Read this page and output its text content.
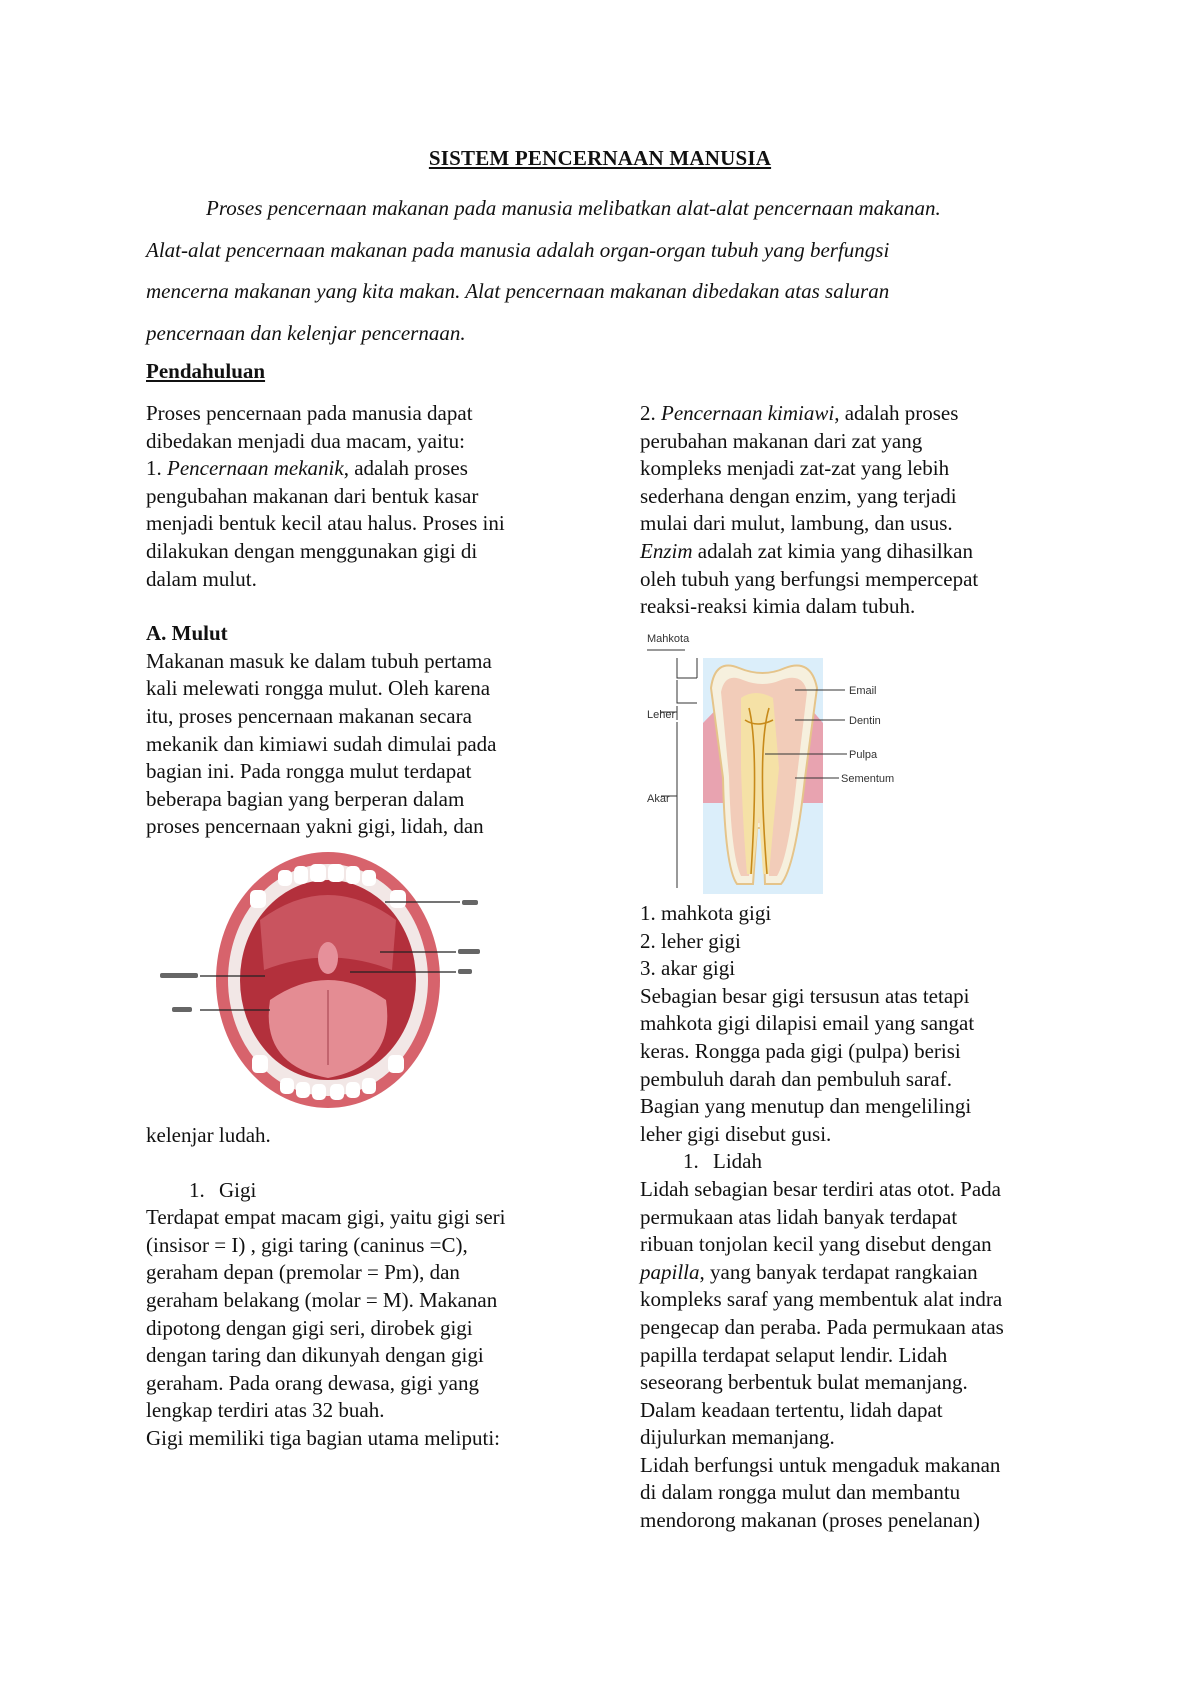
SISTEM PENCERNAAN MANUSIA
Proses pencernaan makanan pada manusia melibatkan alat-alat pencernaan makanan.
Alat-alat pencernaan makanan pada manusia adalah organ-organ tubuh yang berfungsi
mencerna makanan yang kita makan. Alat pencernaan makanan dibedakan atas saluran
pencernaan dan kelenjar pencernaan.

Pendahuluan

Proses pencernaan pada manusia dapat

dibedakan menjadi dua macam, yaitu:

1. Pencernaan mekanik, adalah proses

pengubahan makanan dari bentuk kasar

menjadi bentuk kecil atau halus. Proses ini

dilakukan dengan menggunakan gigi di

dalam mulut.

A. Mulut

Makanan masuk ke dalam tubuh pertama

kali melewati rongga mulut. Oleh karena

itu, proses pencernaan makanan secara

mekanik dan kimiawi sudah dimulai pada

bagian ini. Pada rongga mulut terdapat

beberapa bagian yang berperan dalam

proses pencernaan yakni gigi, lidah, dan

kelenjar ludah.

1. Gigi

Terdapat empat macam gigi, yaitu gigi seri

(insisor = I) , gigi taring (caninus =C),

geraham depan (premolar = Pm), dan

geraham belakang (molar = M). Makanan

dipotong dengan gigi seri, dirobek gigi

dengan taring dan dikunyah dengan gigi

geraham. Pada orang dewasa, gigi yang

lengkap terdiri atas 32 buah.

Gigi memiliki tiga bagian utama meliputi:

2. Pencernaan kimiawi, adalah proses

perubahan makanan dari zat yang

kompleks menjadi zat-zat yang lebih

sederhana dengan enzim, yang terjadi

mulai dari mulut, lambung, dan usus.

Enzim adalah zat kimia yang dihasilkan

oleh tubuh yang berfungsi mempercepat

reaksi-reaksi kimia dalam tubuh.

Mahkota
Leher
Akar
Email
Dentin
Pulpa
Sementum

1. mahkota gigi

2. leher gigi

3. akar gigi

Sebagian besar gigi tersusun atas tetapi

mahkota gigi dilapisi email yang sangat

keras. Rongga pada gigi (pulpa) berisi

pembuluh darah dan pembuluh saraf.

Bagian yang menutup dan mengelilingi

leher gigi disebut gusi.

1. Lidah

Lidah sebagian besar terdiri atas otot. Pada

permukaan atas lidah banyak terdapat

ribuan tonjolan kecil yang disebut dengan

papilla, yang banyak terdapat rangkaian

kompleks saraf yang membentuk alat indra

pengecap dan peraba. Pada permukaan atas

papilla terdapat selaput lendir. Lidah

seseorang berbentuk bulat memanjang.

Dalam keadaan tertentu, lidah dapat

dijulurkan memanjang.

Lidah berfungsi untuk mengaduk makanan

di dalam rongga mulut dan membantu

mendorong makanan (proses penelanan)
